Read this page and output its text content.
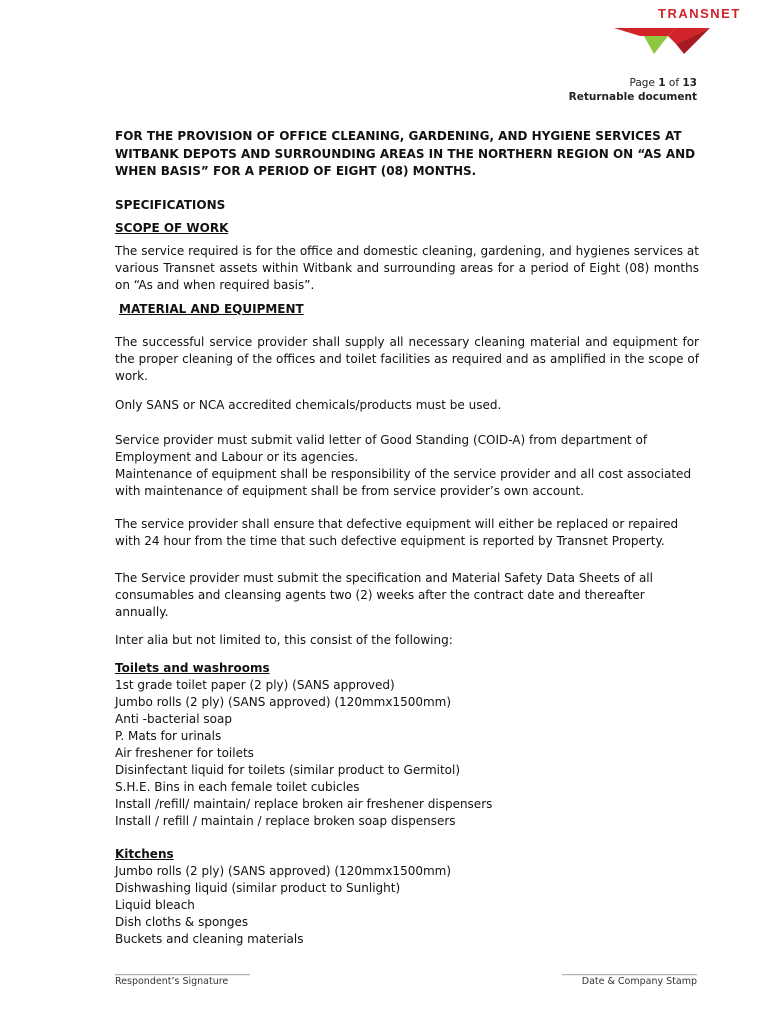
TRANSNET
Page 1 of 13
Returnable document

FOR THE PROVISION OF OFFICE CLEANING, GARDENING, AND HYGIENE SERVICES AT WITBANK DEPOTS AND SURROUNDING AREAS IN THE NORTHERN REGION ON “AS AND WHEN BASIS” FOR A PERIOD OF EIGHT (08) MONTHS.

SPECIFICATIONS

SCOPE OF WORK

The service required is for the office and domestic cleaning, gardening, and hygienes services at various Transnet assets within Witbank and surrounding areas for a period of Eight (08) months on “As and when required basis”.

MATERIAL AND EQUIPMENT

The successful service provider shall supply all necessary cleaning material and equipment for the proper cleaning of the offices and toilet facilities as required and as amplified in the scope of work.

Only SANS or NCA accredited chemicals/products must be used.

Service provider must submit valid letter of Good Standing (COID-A) from department of Employment and Labour or its agencies.

Maintenance of equipment shall be responsibility of the service provider and all cost associated with maintenance of equipment shall be from service provider’s own account.

The service provider shall ensure that defective equipment will either be replaced or repaired with 24 hour from the time that such defective equipment is reported by Transnet Property.

The Service provider must submit the specification and Material Safety Data Sheets of all consumables and cleansing agents two (2) weeks after the contract date and thereafter annually.

Inter alia but not limited to, this consist of the following:

Toilets and washrooms

1st grade toilet paper (2 ply) (SANS approved)
Jumbo rolls (2 ply) (SANS approved) (120mmx1500mm)
Anti -bacterial soap
P. Mats for urinals
Air freshener for toilets
Disinfectant liquid for toilets (similar product to Germitol)
S.H.E. Bins in each female toilet cubicles
Install /refill/ maintain/ replace broken air freshener dispensers
Install / refill / maintain / replace broken soap dispensers

Kitchens

Jumbo rolls (2 ply) (SANS approved) (120mmx1500mm)
Dishwashing liquid (similar product to Sunlight)
Liquid bleach
Dish cloths & sponges
Buckets and cleaning materials
______________________________
Respondent’s Signature
______________________________
Date & Company Stamp
